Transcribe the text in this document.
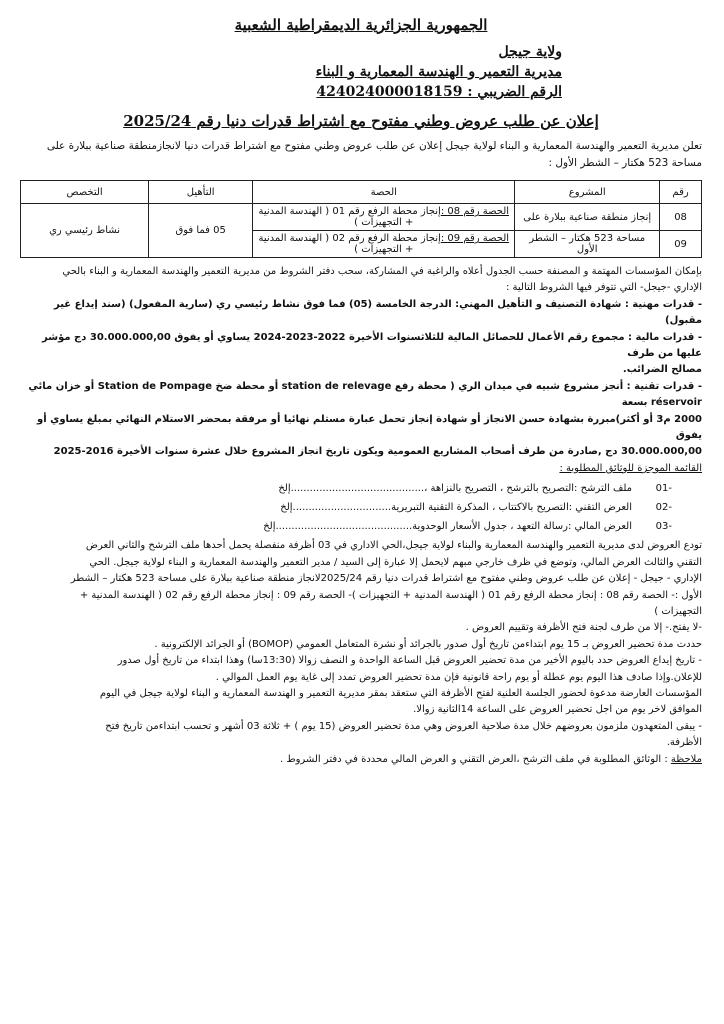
الجمهورية الجزائرية الديمقراطية الشعبية
ولاية جيجل
مديرية التعمير و الهندسة المعمارية و البناء
الرقم الضريبي : 424024000018159
إعلان عن طلب عروض وطني مفتوح مع اشتراط قدرات دنيا رقم 2025/24

تعلن مديرية التعمير والهندسة المعمارية و البناء لولاية جيجل إعلان عن طلب عروض وطني مفتوح مع اشتراط قدرات دنيا لانجازمنطقة صناعية ببلارة على مساحة 523 هكتار – الشطر الأول :

رقم	المشروع	الحصة	التأهيل	التخصص
08	إنجاز منطقة صناعية ببلارة على	الحصة رقم 08 :إنجاز محطة الرفع رقم 01 ( الهندسة المدنية + التجهيزات )	05 فما فوق	نشاط رئيسي ري
09	مساحة 523 هكتار – الشطر الأول	الحصة رقم 09 :إنجاز محطة الرفع رقم 02 ( الهندسة المدنية + التجهيزات )		

بإمكان المؤسسات المهتمة و المصنفة حسب الجدول أعلاه والراغبة في المشاركة، سحب دفتر الشروط من مديرية التعمير والهندسة المعمارية و البناء بالحي

الإداري -جيجل- التي تتوفر فيها الشروط التالية :

- قدرات مهنية : شهادة التصنيف و التأهيل المهني: الدرجة الخامسة (05) فما فوق نشاط رئيسي ري (سارية المفعول) (سند إيداع غير مقبول)

- قدرات مالية : مجموع رقم الأعمال للحصائل المالية للثلاثسنوات الأخيرة 2022-2023-2024 يساوي أو يفوق 30.000.000,00 دج مؤشر عليها من طرف

مصالح الضرائب.

- قدرات تقنية : أنجز مشروع شبيه في ميدان الري ( محطة رفع station de relevage أو محطة ضخ Station de Pompage أو خزان مائي réservoir بسعة

2000 م3 أو أكثر)مبررة بشهادة حسن الانجاز أو شهادة إنجاز تحمل عبارة مستلم نهائيا أو مرفقة بمحضر الاستلام النهائي بمبلغ يساوي أو يفوق

30.000.000,00 دج ,صادرة من طرف أصحاب المشاريع العمومية ويكون تاريخ انجاز المشروع خلال عشرة سنوات الأخيرة 2016-2025

القائمة الموجزة للوثائق المطلوبة :

-01
ملف الترشح :التصريح بالترشح ، التصريح بالنزاهة ،..........................................إلخ
-02
العرض التقني :التصريح بالاكتتاب ، المذكرة التقنية التبريرية...............................إلخ
-03
العرض المالي :رسالة التعهد ، جدول الأسعار الوحدوية...........................................إلخ

تودع العروض لدى مديرية التعمير والهندسة المعمارية والبناء لولاية جيجل،الحي الاداري في 03 أظرفة منفصلة يحمل أحدها ملف الترشح والثاني العرض

التقني والثالث العرض المالي، وتوضع في ظرف خارجي مبهم لايحمل إلا عبارة إلى السيد / مدير التعمير والهندسة المعمارية و البناء لولاية جيجل. الحي

الإداري - جيجل - إعلان عن طلب عروض وطني مفتوح مع اشتراط قدرات دنيا رقم 2025/24لانجاز منطقة صناعية ببلارة على مساحة 523 هكتار – الشطر

الأول :- الحصة رقم 08 : إنجاز محطة الرفع رقم 01 ( الهندسة المدنية + التجهيزات )- الحصة رقم 09 : إنجاز محطة الرفع رقم 02 ( الهندسة المدنية +

التجهيزات )

-لا يفتح.- إلا من طرف لجنة فتح الأظرفة وتقييم العروض .

حددت مدة تحضير العروض بـ 15 يوم ابتداءمن تاريخ أول صدور بالجرائد أو نشرة المتعامل العمومي (BOMOP) أو الجرائد الإلكترونية .

- تاريخ إيداع العروض حدد باليوم الأخير من مدة تحضير العروض قبل الساعة الواحدة و النصف زوالا (13:30سا) وهذا ابتداء من تاريخ أول صدور

للإعلان.وإذا صادف هذا اليوم يوم عطلة أو يوم راحة قانونية فإن مدة تحضير العروض تمدد إلى غاية يوم العمل الموالي .

المؤسسات العارضة مدعوة لحضور الجلسة العلنية لفتح الأظرفة التي ستعقد بمقر مديرية التعمير و الهندسة المعمارية و البناء لولاية جيجل في اليوم

الموافق لاخر يوم من اجل تحضير العروض على الساعة 14الثانية زوالا.

- يبقى المتعهدون ملزمون بعروضهم خلال مدة صلاحية العروض وهي مدة تحضير العروض (15 يوم ) + ثلاثة 03 أشهر و تحسب ابتداءمن تاريخ فتح

الأظرفة.

ملاحظة : الوثائق المطلوبة في ملف الترشح ،العرض التقني و العرض المالي محددة في دفتر الشروط .
